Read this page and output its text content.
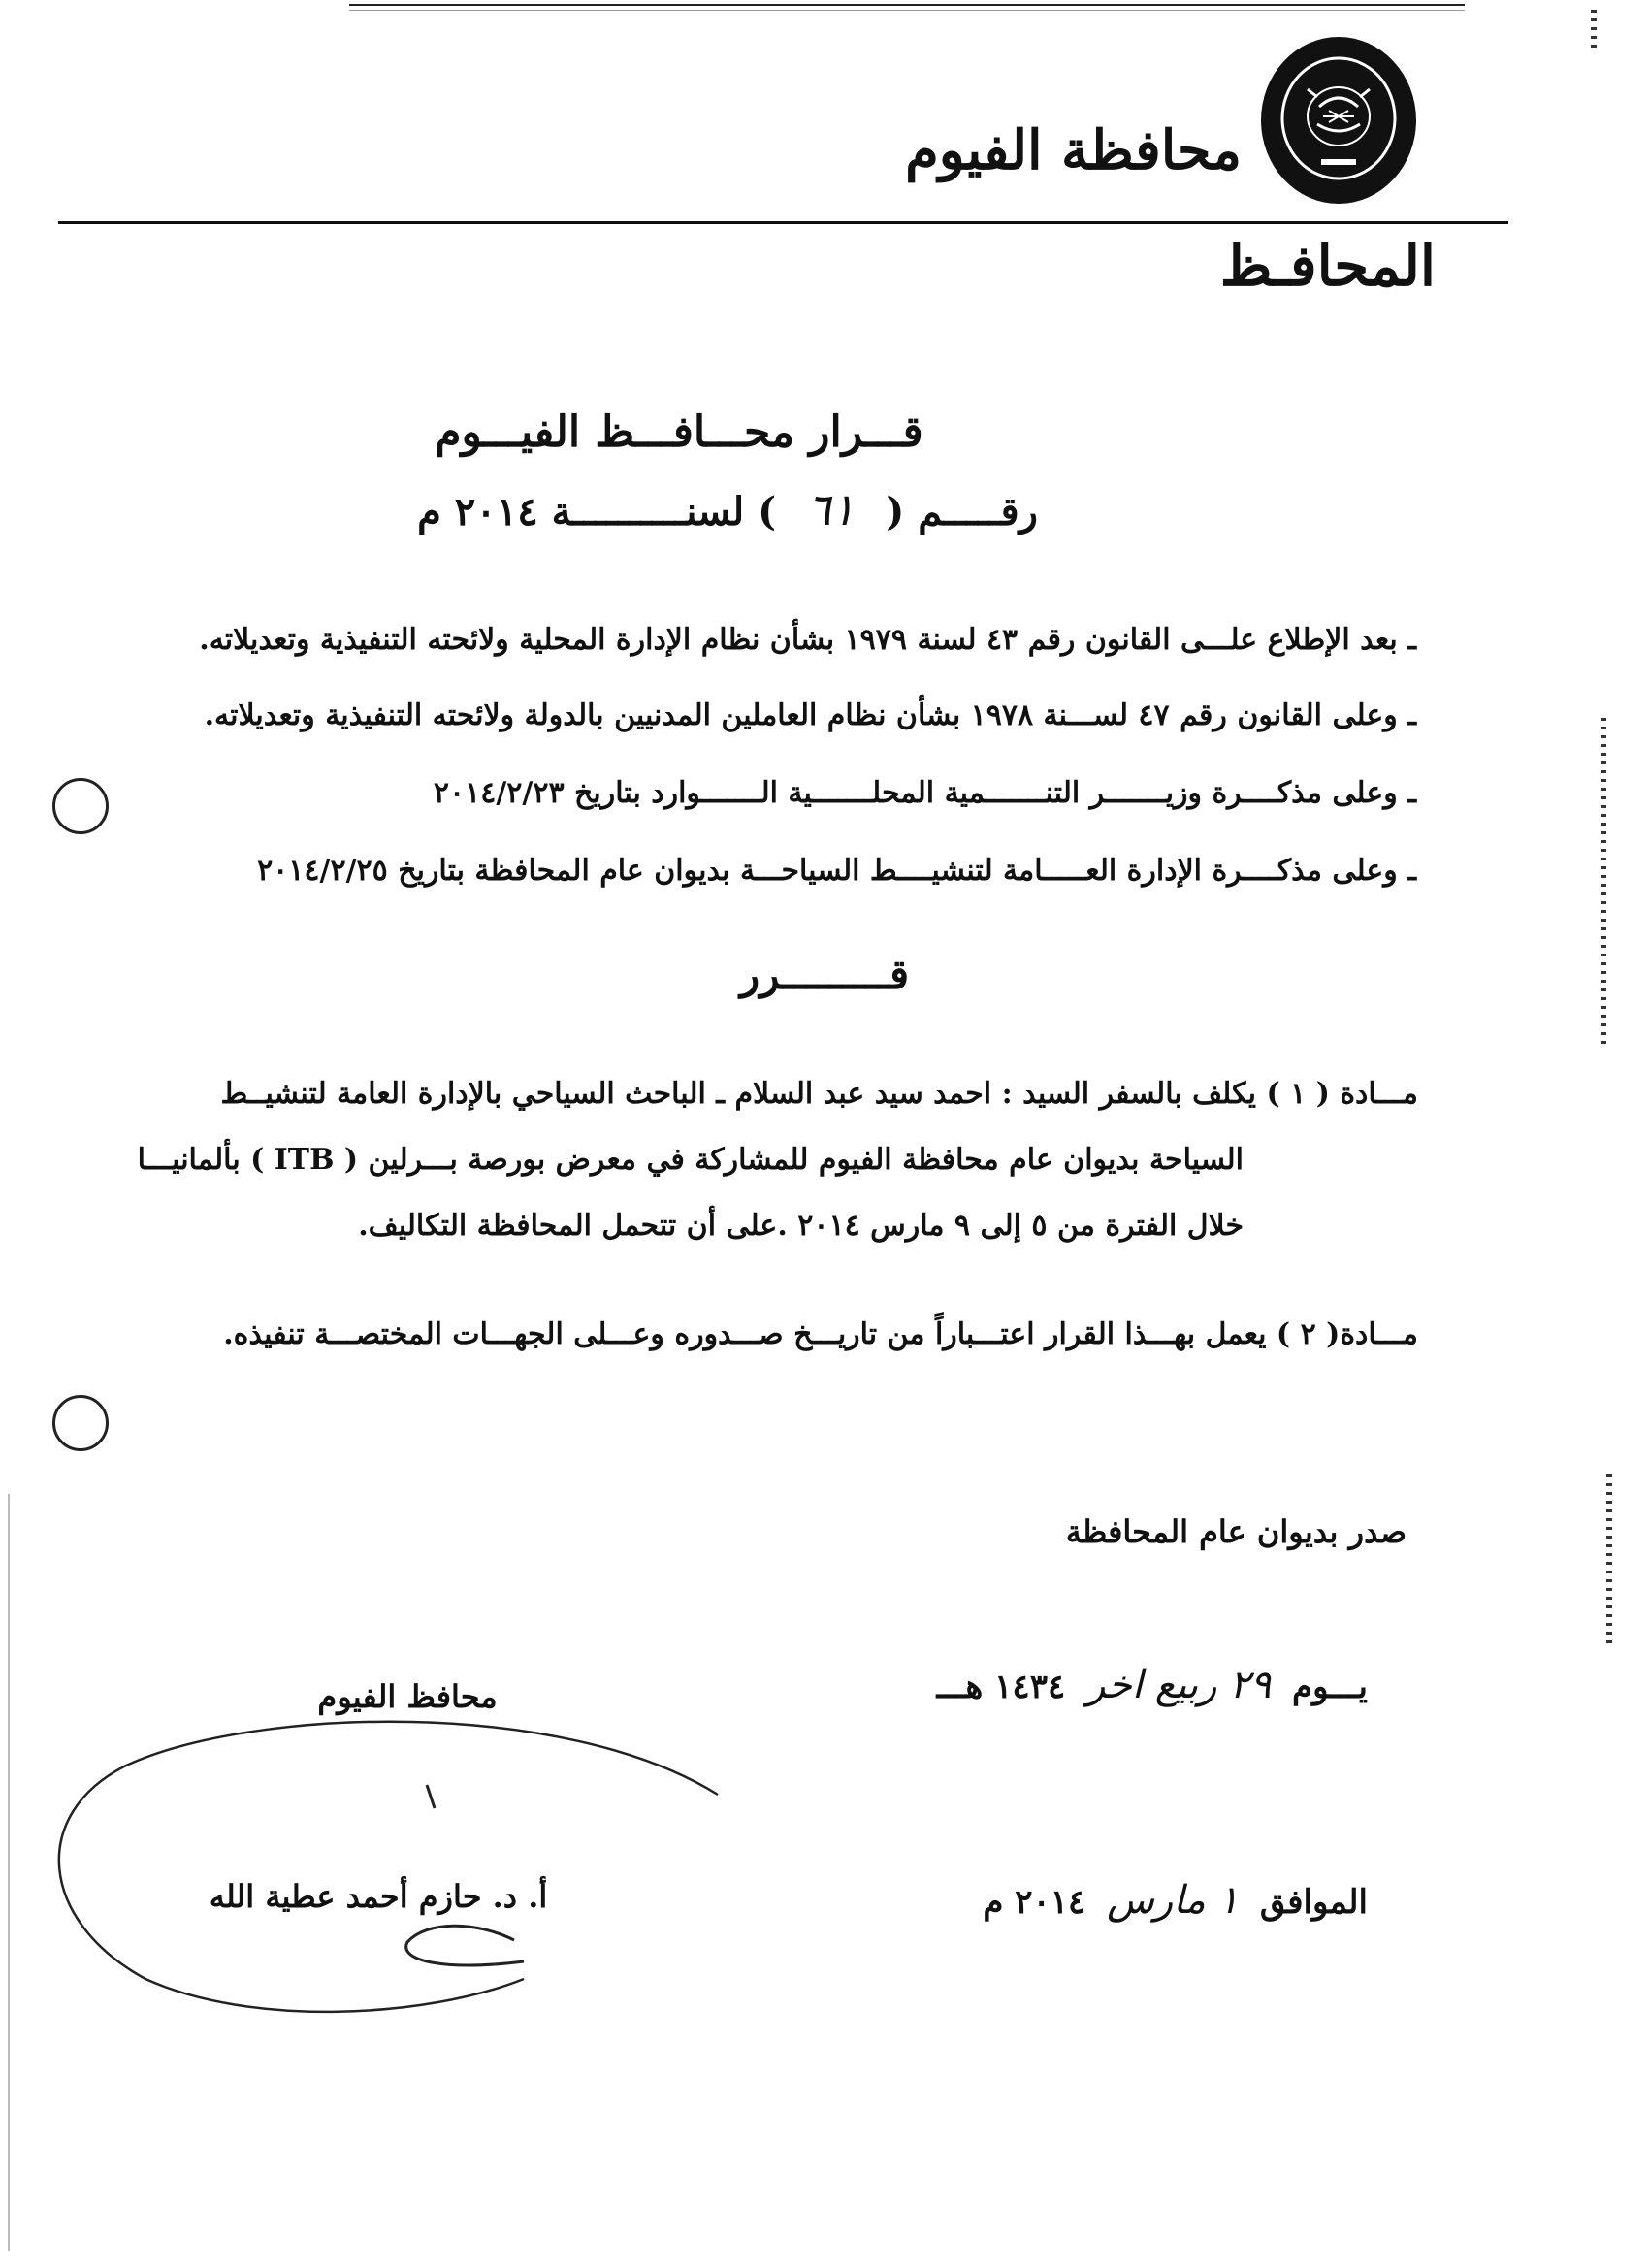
محافظة الفيوم
المحافـظ
قـــرار محـــافـــظ الفيـــوم
رقـــــم ( ٦١ ) لسنــــــــــة ٢٠١٤ م
ـ بعد الإطلاع علـــى القانون رقم ٤٣ لسنة ١٩٧٩ بشأن نظام الإدارة المحلية ولائحته التنفيذية وتعديلاته.
ـ وعلى القانون رقم ٤٧ لســـنة ١٩٧٨ بشأن نظام العاملين المدنيين بالدولة ولائحته التنفيذية وتعديلاته.
ـ وعلى مذكــــرة وزيـــــــر التنـــــــمية المحلـــــــية الـــــــوارد بتاريخ ٢٠١٤/٢/٢٣
ـ وعلى مذكــــرة الإدارة العـــــامة لتنشيــــط السياحـــة بديوان عام المحافظة بتاريخ ٢٠١٤/٢/٢٥
قـــــــــرر
مـــادة ( ١ ) يكلف بالسفر السيد : احمد سيد عبد السلام ـ الباحث السياحي بالإدارة العامة لتنشيــط
السياحة بديوان عام محافظة الفيوم للمشاركة في معرض بورصة بـــرلين ( ITB ) بألمانيـــا
خلال الفترة من ٥ إلى ٩ مارس ٢٠١٤ .على أن تتحمل المحافظة التكاليف.
مـــادة( ٢ ) يعمل بهـــذا القرار اعتـــباراً من تاريـــخ صـــدوره وعـــلى الجهـــات المختصـــة تنفيذه.
صدر بديوان عام المحافظة
يـــوم ٢٩ ربيع اخر ١٤٣٤ هـــ
الموافق ١ مارس ٢٠١٤ م
محافظ الفيوم
أ. د. حازم أحمد عطية الله
